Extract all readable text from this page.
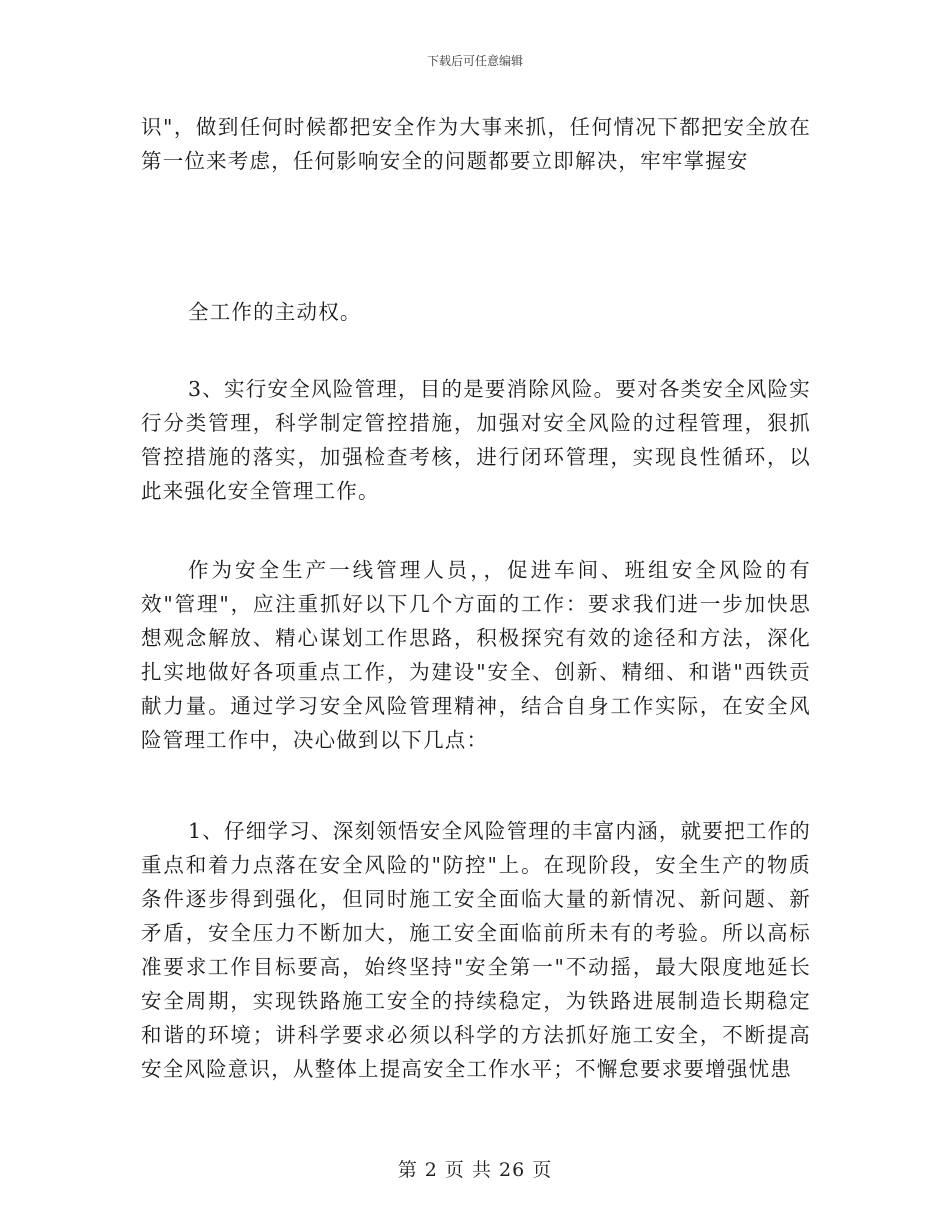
下载后可任意编辑

识"，做到任何时候都把安全作为大事来抓，任何情况下都把安全放在第一位来考虑，任何影响安全的问题都要立即解决，牢牢掌握安

全工作的主动权。

3、实行安全风险管理，目的是要消除风险。要对各类安全风险实行分类管理，科学制定管控措施，加强对安全风险的过程管理，狠抓管控措施的落实，加强检查考核，进行闭环管理，实现良性循环，以此来强化安全管理工作。

作为安全生产一线管理人员，，促进车间、班组安全风险的有效"管理"，应注重抓好以下几个方面的工作：要求我们进一步加快思想观念解放、精心谋划工作思路，积极探究有效的途径和方法，深化扎实地做好各项重点工作，为建设"安全、创新、精细、和谐"西铁贡献力量。通过学习安全风险管理精神，结合自身工作实际，在安全风险管理工作中，决心做到以下几点：

1、仔细学习、深刻领悟安全风险管理的丰富内涵，就要把工作的重点和着力点落在安全风险的"防控"上。在现阶段，安全生产的物质条件逐步得到强化，但同时施工安全面临大量的新情况、新问题、新矛盾，安全压力不断加大，施工安全面临前所未有的考验。所以高标准要求工作目标要高，始终坚持"安全第一"不动摇，最大限度地延长安全周期，实现铁路施工安全的持续稳定，为铁路进展制造长期稳定和谐的环境；讲科学要求必须以科学的方法抓好施工安全，不断提高安全风险意识，从整体上提高安全工作水平；不懈怠要求要增强忧患

第 2 页 共 26 页
